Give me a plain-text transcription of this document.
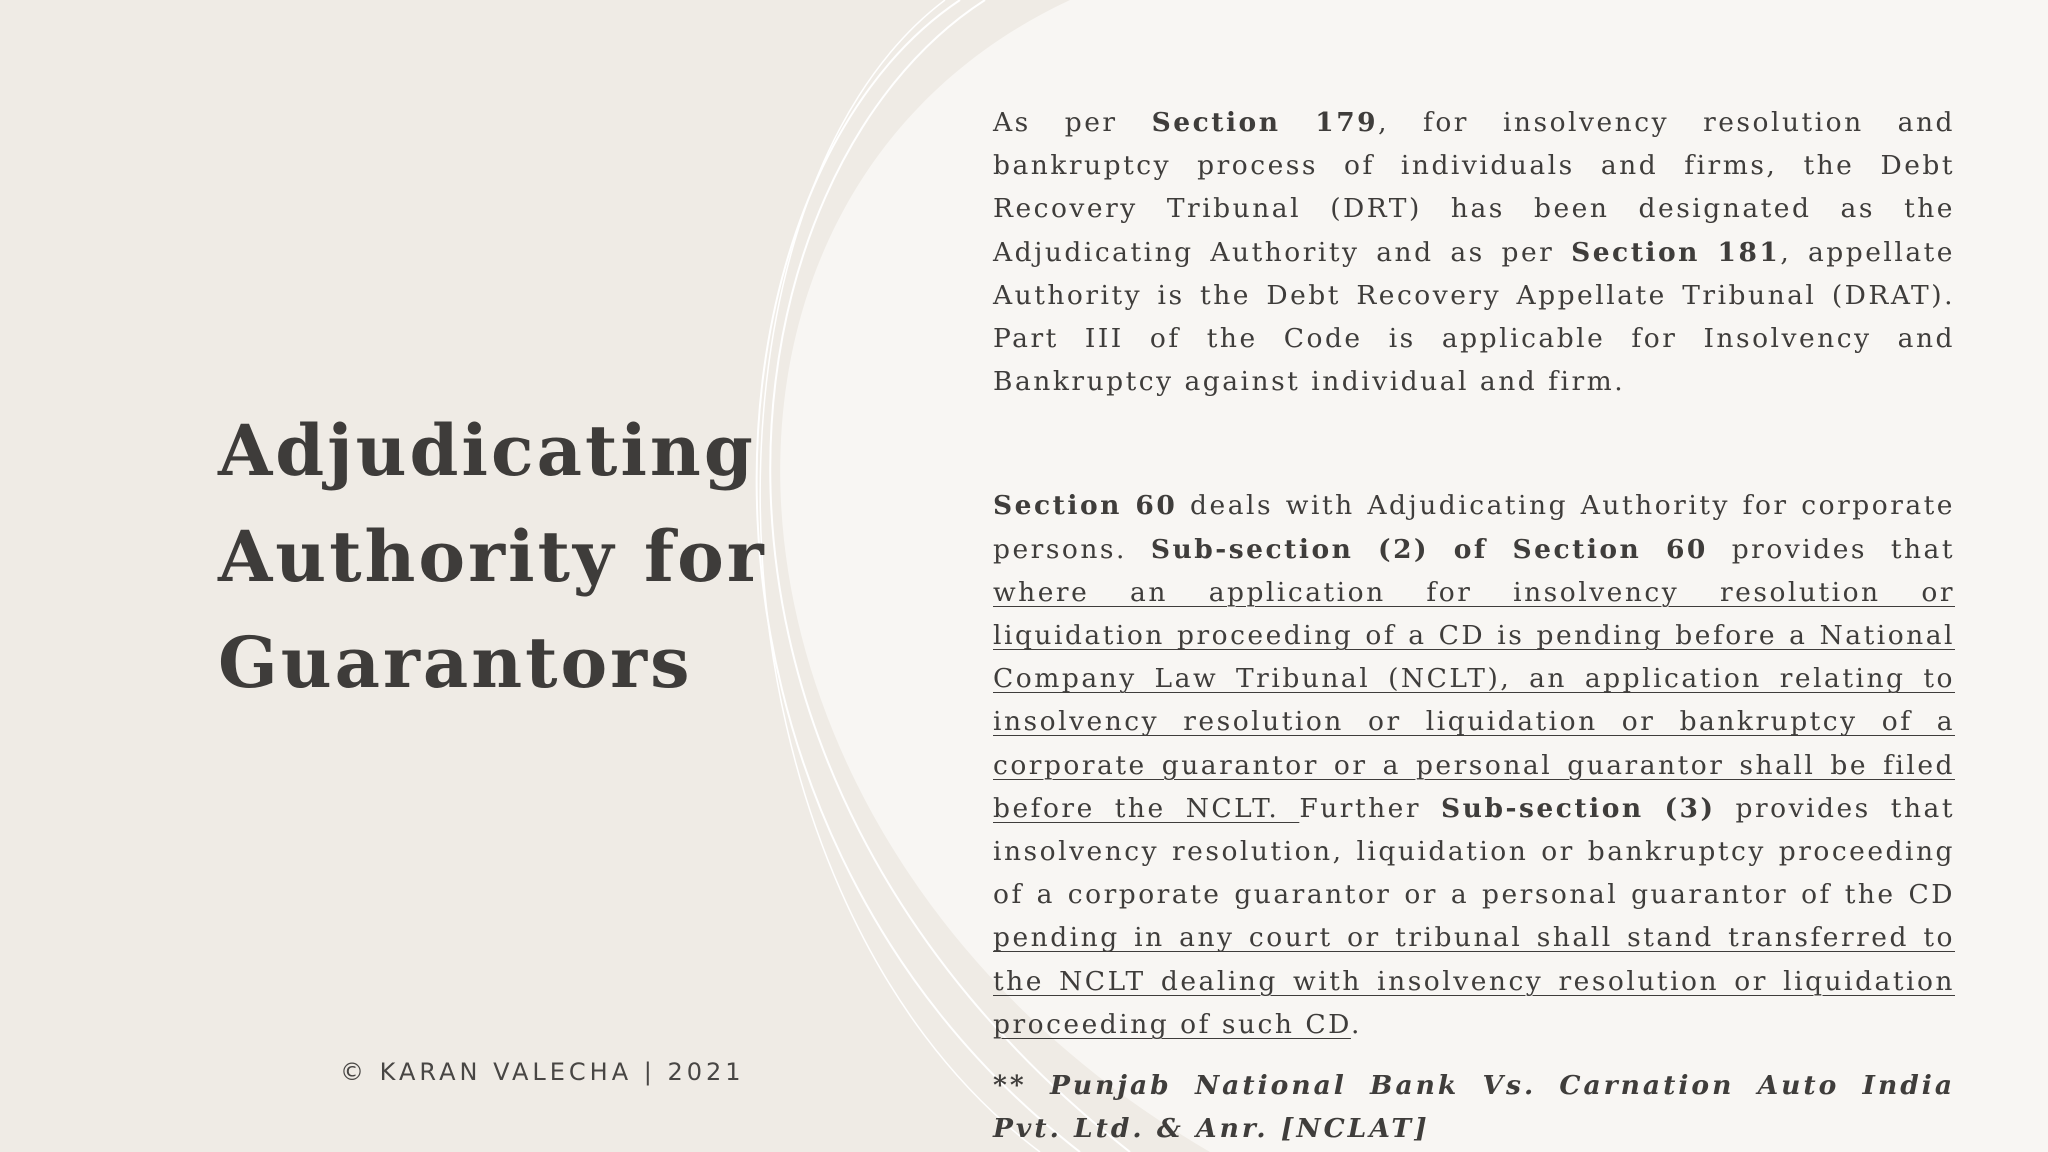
Adjudicating
Authority for
Guarantors
© KARAN VALECHA | 2021

As per Section 179, for insolvency resolution and bankruptcy process of individuals and firms, the Debt Recovery Tribunal (DRT) has been designated as the Adjudicating Authority and as per Section 181, appellate Authority is the Debt Recovery Appellate Tribunal (DRAT). Part III of the Code is applicable for Insolvency and Bankruptcy against individual and firm.

Section 60 deals with Adjudicating Authority for corporate persons. Sub-section (2) of Section 60 provides that where an application for insolvency resolution or liquidation proceeding of a CD is pending before a National Company Law Tribunal (NCLT), an application relating to insolvency resolution or liquidation or bankruptcy of a corporate guarantor or a personal guarantor shall be filed before the NCLT. Further Sub-section (3) provides that insolvency resolution, liquidation or bankruptcy proceeding of a corporate guarantor or a personal guarantor of the CD pending in any court or tribunal shall stand transferred to the NCLT dealing with insolvency resolution or liquidation proceeding of such CD.

** Punjab National Bank Vs. Carnation Auto India Pvt. Ltd. & Anr. [NCLAT]
